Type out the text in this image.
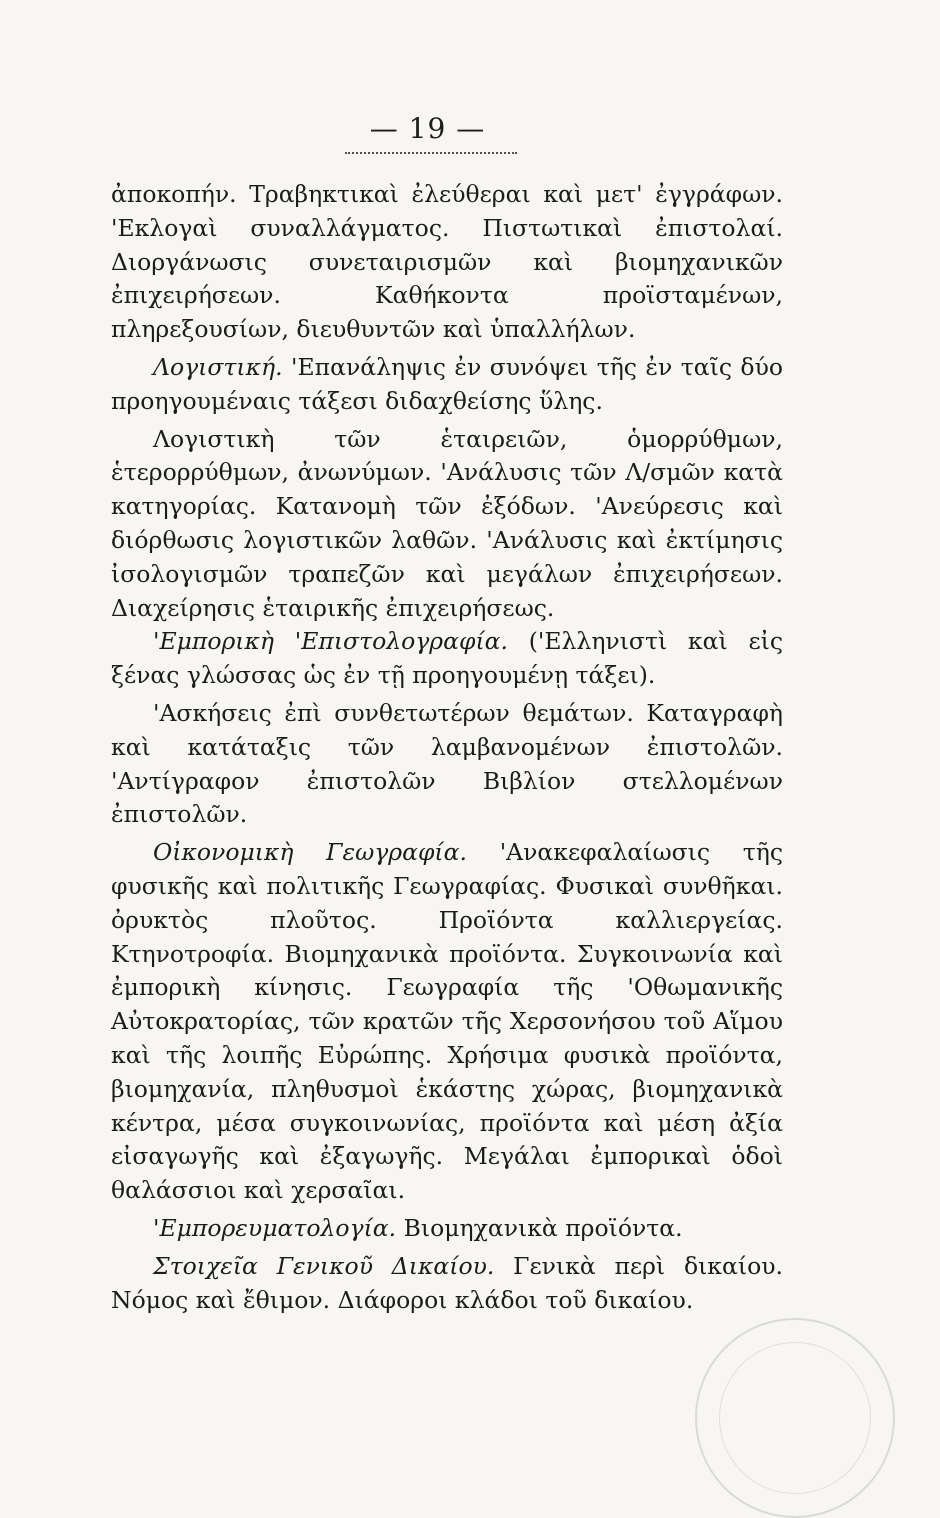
— 19 —

ἀποκοπήν. Τραβηκτικαὶ ἐλεύθεραι καὶ μετ' ἐγγράφων. 'Εκλογαὶ συναλλάγματος. Πιστωτικαὶ ἐπιστολαί. Διοργάνωσις συνεταιρισμῶν καὶ βιομηχανικῶν ἐπιχειρήσεων. Καθήκοντα προϊσταμένων, πληρεξουσίων, διευθυντῶν καὶ ὑπαλλήλων.

Λογιστική. 'Επανάληψις ἐν συνόψει τῆς ἐν ταῖς δύο προηγουμέναις τάξεσι διδαχθείσης ὕλης.

Λογιστικὴ τῶν ἑταιρειῶν, ὁμορρύθμων, ἑτερορρύθμων, ἀνωνύμων. 'Ανάλυσις τῶν Λ/σμῶν κατὰ κατηγορίας. Κατανομὴ τῶν ἐξόδων. 'Ανεύρεσις καὶ διόρθωσις λογιστικῶν λαθῶν. 'Ανάλυσις καὶ ἐκτίμησις ἰσολογισμῶν τραπεζῶν καὶ μεγάλων ἐπιχειρήσεων. Διαχείρησις ἑταιρικῆς ἐπιχειρήσεως.

'Εμπορικὴ 'Επιστολογραφία. ('Ελληνιστὶ καὶ εἰς ξένας γλώσσας ὡς ἐν τῇ προηγουμένῃ τάξει).

'Ασκήσεις ἐπὶ συνθετωτέρων θεμάτων. Καταγραφὴ καὶ κατάταξις τῶν λαμβανομένων ἐπιστολῶν. 'Αντίγραφον ἐπιστολῶν Βιβλίον στελλομένων ἐπιστολῶν.

Οἰκονομικὴ Γεωγραφία. 'Ανακεφαλαίωσις τῆς φυσικῆς καὶ πολιτικῆς Γεωγραφίας. Φυσικαὶ συνθῆκαι. ὀρυκτὸς πλοῦτος. Προϊόντα καλλιεργείας. Κτηνοτροφία. Βιομηχανικὰ προϊόντα. Συγκοινωνία καὶ ἐμπορικὴ κίνησις. Γεωγραφία τῆς 'Οθωμανικῆς Αὐτοκρατορίας, τῶν κρατῶν τῆς Χερσονήσου τοῦ Αἵμου καὶ τῆς λοιπῆς Εὐρώπης. Χρήσιμα φυσικὰ προϊόντα, βιομηχανία, πληθυσμοὶ ἑκάστης χώρας, βιομηχανικὰ κέντρα, μέσα συγκοινωνίας, προϊόντα καὶ μέση ἀξία εἰσαγωγῆς καὶ ἐξαγωγῆς. Μεγάλαι ἐμπορικαὶ ὁδοὶ θαλάσσιοι καὶ χερσαῖαι.

'Εμπορευματολογία. Βιομηχανικὰ προϊόντα.

Στοιχεῖα Γενικοῦ Δικαίου. Γενικὰ περὶ δικαίου. Νόμος καὶ ἔθιμον. Διάφοροι κλάδοι τοῦ δικαίου.
